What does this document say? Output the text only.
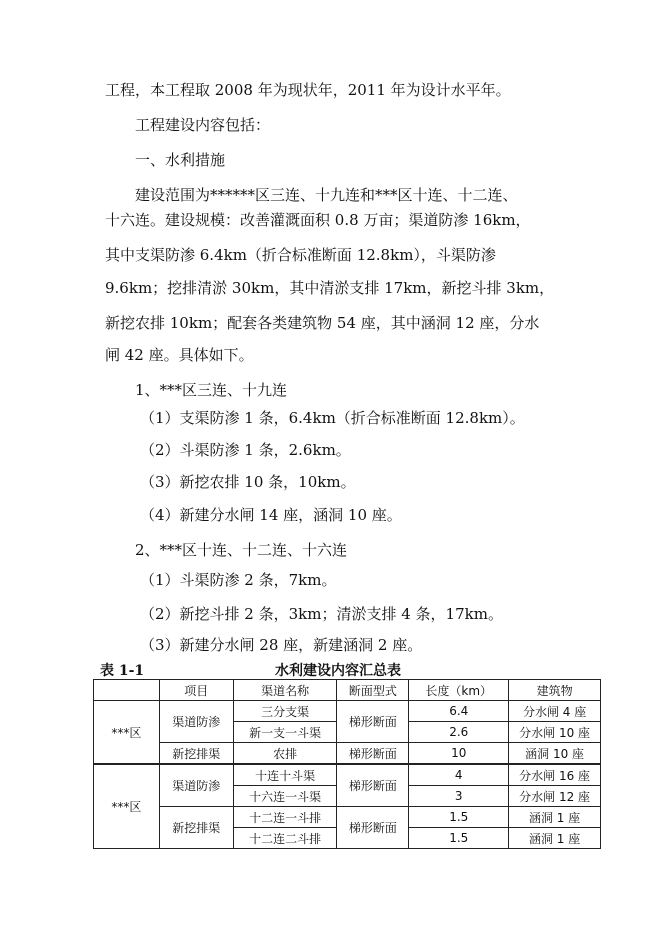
工程，本工程取 2008 年为现状年，2011 年为设计水平年。
工程建设内容包括：
一、水利措施
建设范围为******区三连、十九连和***区十连、十二连、
十六连。建设规模：改善灌溉面积 0.8 万亩；渠道防渗 16km，
其中支渠防渗 6.4km（折合标准断面 12.8km），斗渠防渗
9.6km；挖排清淤 30km，其中清淤支排 17km，新挖斗排 3km，
新挖农排 10km；配套各类建筑物 54 座，其中涵洞 12 座，分水
闸 42 座。具体如下。
1、***区三连、十九连
（1）支渠防渗 1 条，6.4km（折合标准断面 12.8km）。
（2）斗渠防渗 1 条，2.6km。
（3）新挖农排 10 条，10km。
（4）新建分水闸 14 座，涵洞 10 座。
2、***区十连、十二连、十六连
（1）斗渠防渗 2 条，7km。
（2）新挖斗排 2 条，3km；清淤支排 4 条，17km。
（3）新建分水闸 28 座，新建涵洞 2 座。
表 1-1	水利建设内容汇总表
	项目	渠道名称	断面型式	长度（km）	建筑物
***区	渠道防渗	三分支渠	梯形断面	6.4	分水闸 4 座
		新一支一斗渠		2.6	分水闸 10 座
	新挖排渠	农排	梯形断面	10	涵洞 10 座
***区	渠道防渗	十连十斗渠	梯形断面	4	分水闸 16 座
		十六连一斗渠		3	分水闸 12 座
	新挖排渠	十二连一斗排	梯形断面	1.5	涵洞 1 座
		十二连二斗排		1.5	涵洞 1 座
